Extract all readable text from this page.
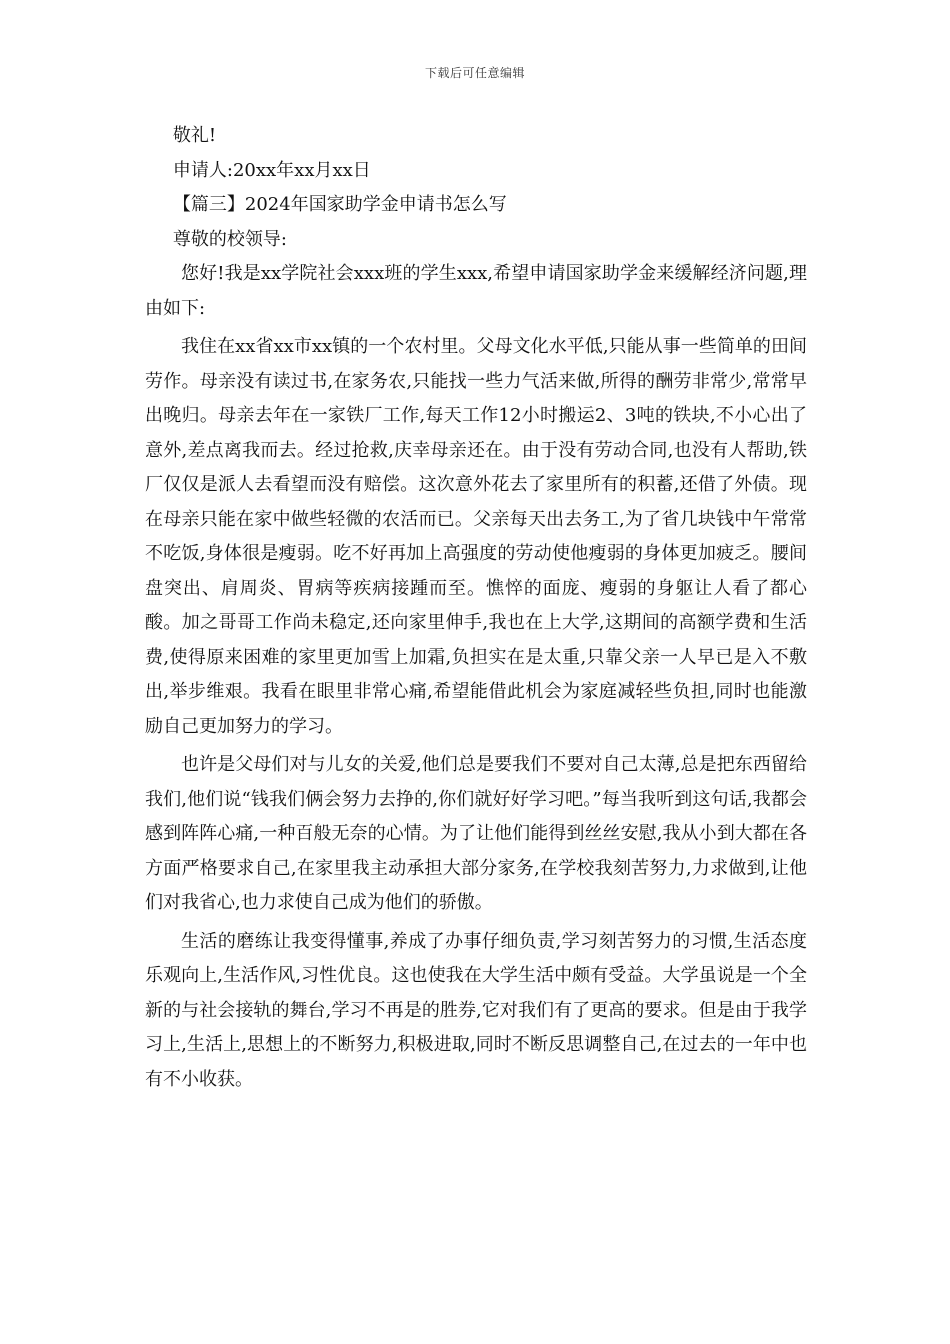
下载后可任意编辑

敬礼!

申请人:20xx年xx月xx日

【篇三】2024年国家助学金申请书怎么写

尊敬的校领导:

您好!我是xx学院社会xxx班的学生xxx,希望申请国家助学金来缓解经济问题,理由如下:

我住在xx省xx市xx镇的一个农村里。父母文化水平低,只能从事一些简单的田间劳作。母亲没有读过书,在家务农,只能找一些力气活来做,所得的酬劳非常少,常常早出晚归。母亲去年在一家铁厂工作,每天工作12小时搬运2、3吨的铁块,不小心出了意外,差点离我而去。经过抢救,庆幸母亲还在。由于没有劳动合同,也没有人帮助,铁厂仅仅是派人去看望而没有赔偿。这次意外花去了家里所有的积蓄,还借了外债。现在母亲只能在家中做些轻微的农活而已。父亲每天出去务工,为了省几块钱中午常常不吃饭,身体很是瘦弱。吃不好再加上高强度的劳动使他瘦弱的身体更加疲乏。腰间盘突出、肩周炎、胃病等疾病接踵而至。憔悴的面庞、瘦弱的身躯让人看了都心酸。加之哥哥工作尚未稳定,还向家里伸手,我也在上大学,这期间的高额学费和生活费,使得原来困难的家里更加雪上加霜,负担实在是太重,只靠父亲一人早已是入不敷出,举步维艰。我看在眼里非常心痛,希望能借此机会为家庭减轻些负担,同时也能激励自己更加努力的学习。

也许是父母们对与儿女的关爱,他们总是要我们不要对自己太薄,总是把东西留给我们,他们说“钱我们俩会努力去挣的,你们就好好学习吧。”每当我听到这句话,我都会感到阵阵心痛,一种百般无奈的心情。为了让他们能得到丝丝安慰,我从小到大都在各方面严格要求自己,在家里我主动承担大部分家务,在学校我刻苦努力,力求做到,让他们对我省心,也力求使自己成为他们的骄傲。

生活的磨练让我变得懂事,养成了办事仔细负责,学习刻苦努力的习惯,生活态度乐观向上,生活作风,习性优良。这也使我在大学生活中颇有受益。大学虽说是一个全新的与社会接轨的舞台,学习不再是的胜券,它对我们有了更高的要求。但是由于我学习上,生活上,思想上的不断努力,积极进取,同时不断反思调整自己,在过去的一年中也有不小收获。
